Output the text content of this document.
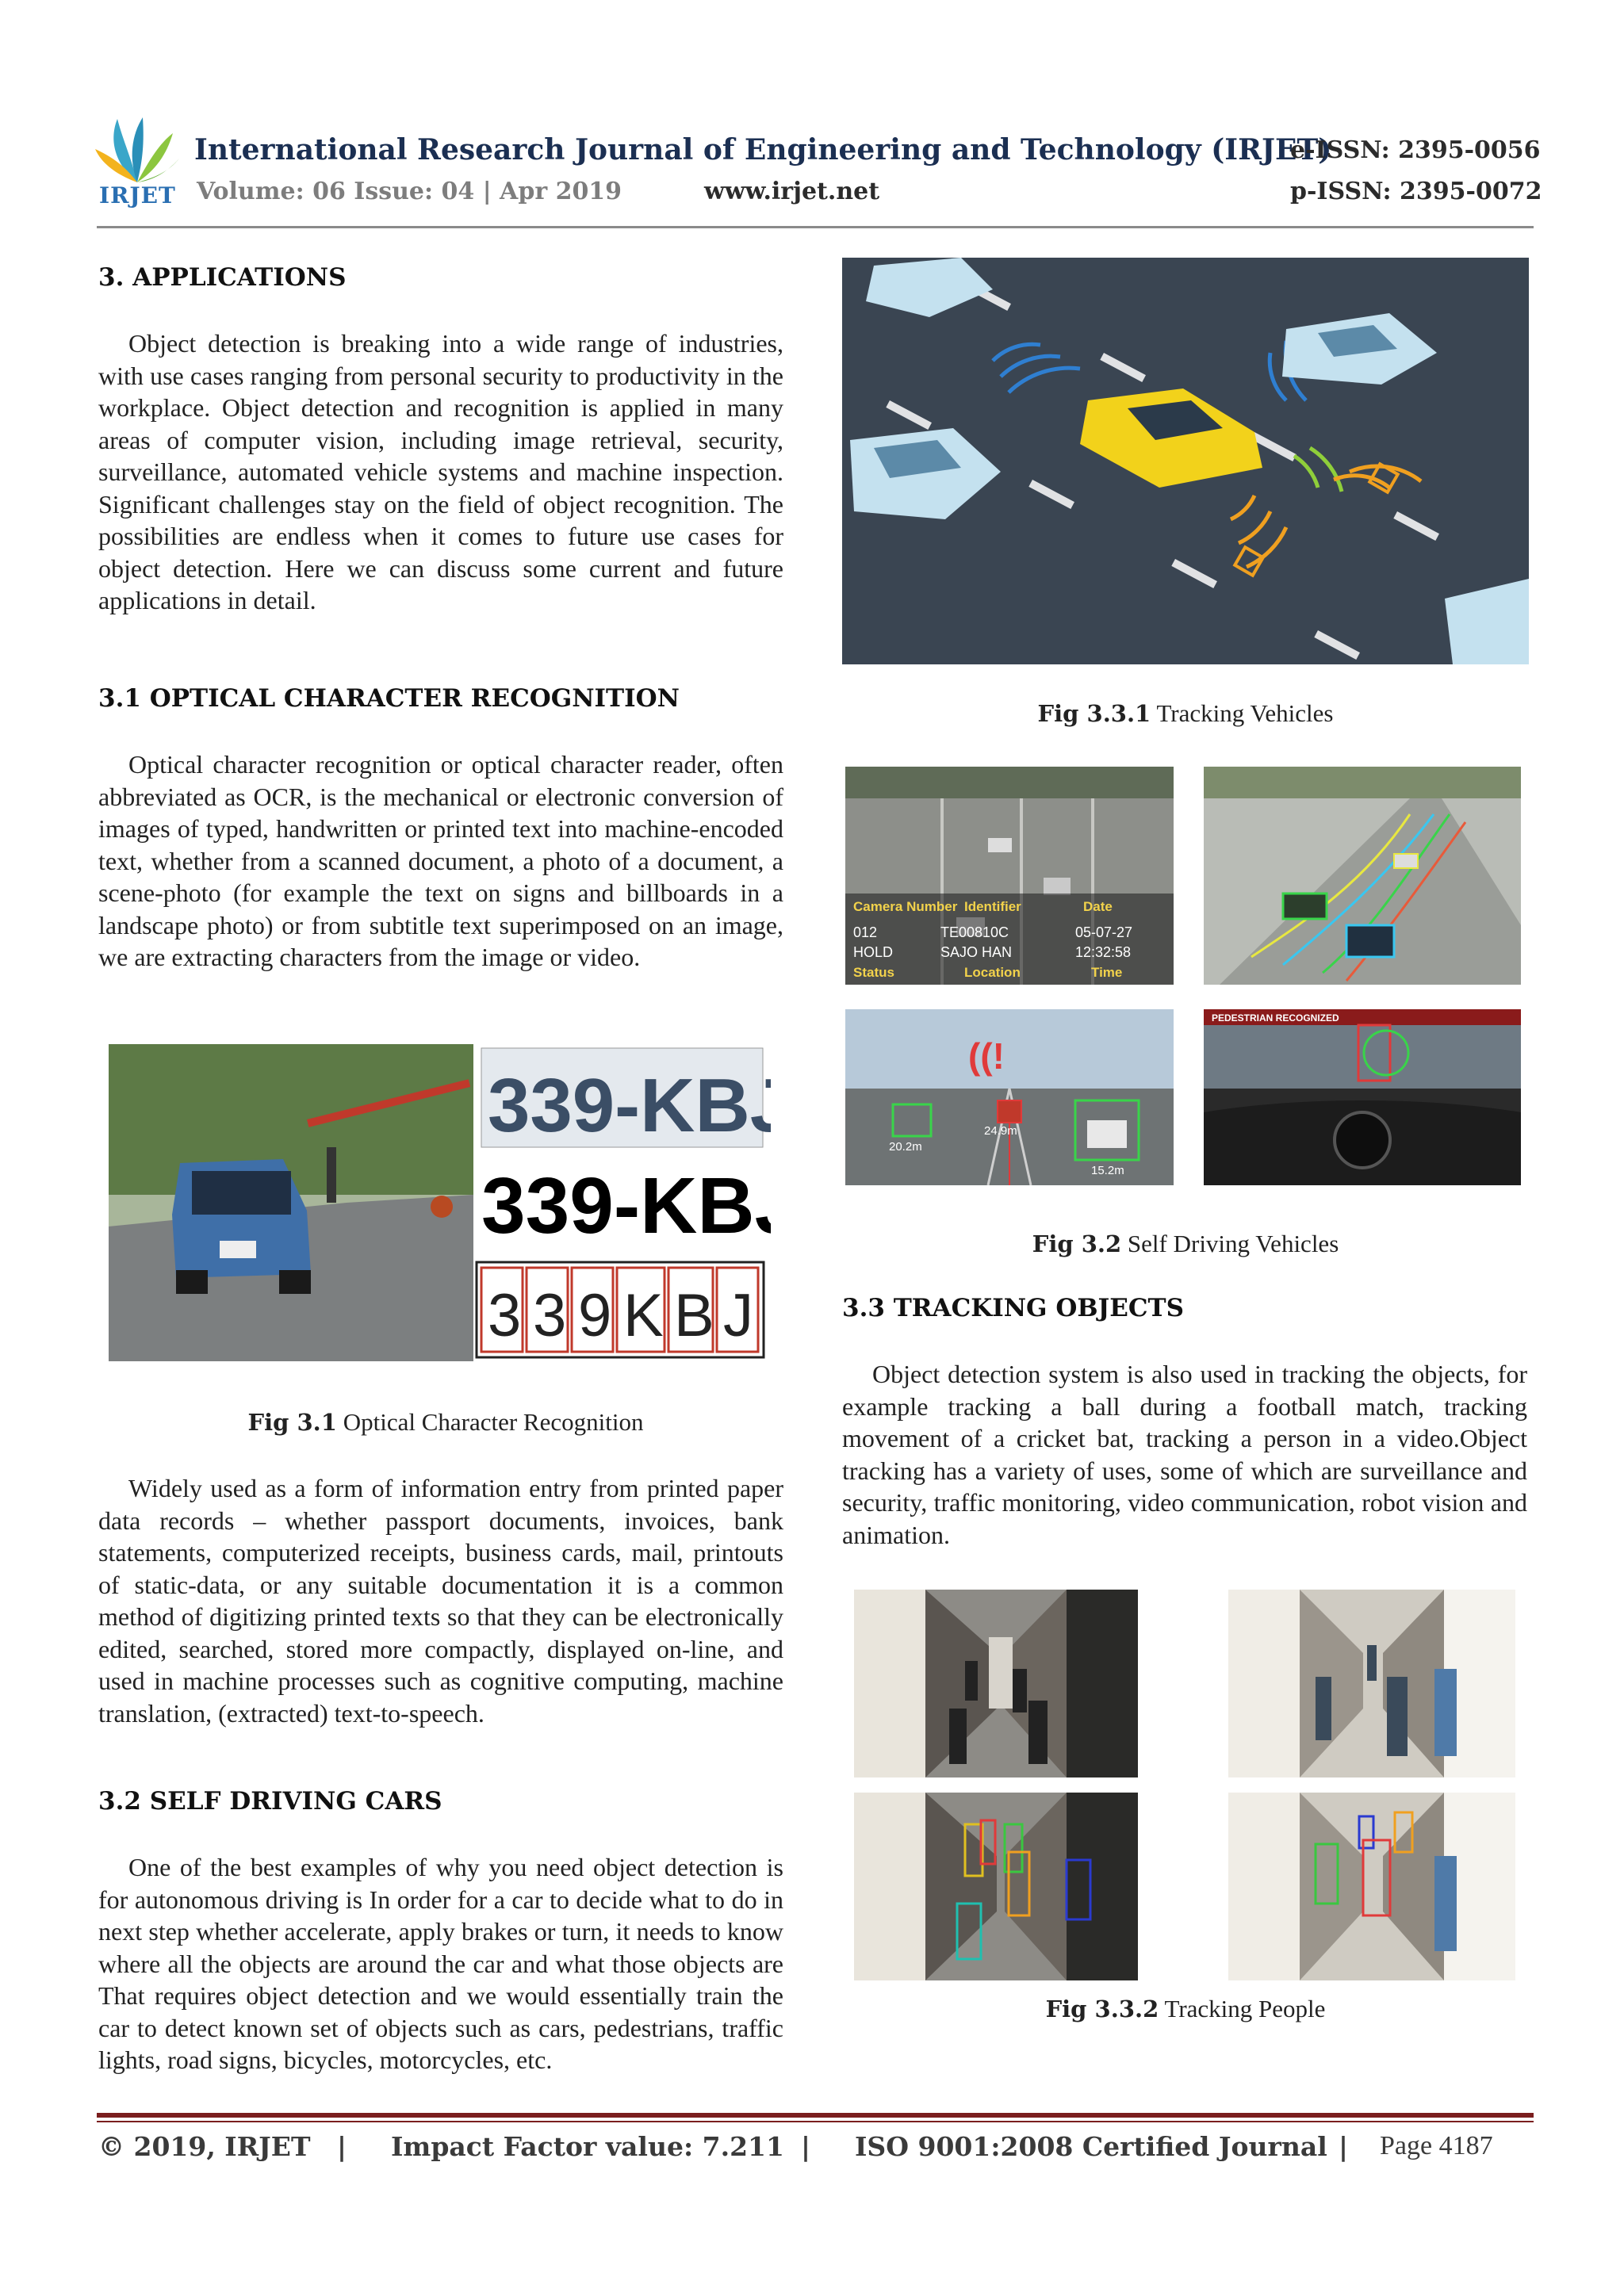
IRJET
International Research Journal of Engineering and Technology (IRJET)
e-ISSN: 2395-0056
Volume: 06 Issue: 04 | Apr 2019	www.irjet.net	p-ISSN: 2395-0072
3. APPLICATIONS
Object detection is breaking into a wide range of industries, with use cases ranging from personal security to productivity in the workplace. Object detection and recognition is applied in many areas of computer vision, including image retrieval, security, surveillance, automated vehicle systems and machine inspection. Significant challenges stay on the field of object recognition. The possibilities are endless when it comes to future use cases for object detection. Here we can discuss some current and future applications in detail.
3.1 OPTICAL CHARACTER RECOGNITION
Optical character recognition or optical character reader, often abbreviated as OCR, is the mechanical or electronic conversion of images of typed, handwritten or printed text into machine-encoded text, whether from a scanned document, a photo of a document, a scene-photo (for example the text on signs and billboards in a landscape photo) or from subtitle text superimposed on an image, we are extracting characters from the image or video.
339-KBJ
339-KBJ
3 3 9 K B J
Fig 3.1 Optical Character Recognition
Widely used as a form of information entry from printed paper data records – whether passport documents, invoices, bank statements, computerized receipts, business cards, mail, printouts of static-data, or any suitable documentation it is a common method of digitizing printed texts so that they can be electronically edited, searched, stored more compactly, displayed on-line, and used in machine processes such as cognitive computing, machine translation, (extracted) text-to-speech.
3.2 SELF DRIVING CARS
One of the best examples of why you need object detection is for autonomous driving is In order for a car to decide what to do in next step whether accelerate, apply brakes or turn, it needs to know where all the objects are around the car and what those objects are That requires object detection and we would essentially train the car to detect known set of objects such as cars, pedestrians, traffic lights, road signs, bicycles, motorcycles, etc.
Fig 3.3.1 Tracking Vehicles
Camera Number Identifier	Date
012	TE00810C	05-07-27
HOLD	SAJO HAN	12:32:58
Status	Location	Time
((!
20.2m
24.9m
15.2m
PEDESTRIAN RECOGNIZED
Fig 3.2 Self Driving Vehicles
3.3 TRACKING OBJECTS
Object detection system is also used in tracking the objects, for example tracking a ball during a football match, tracking movement of a cricket bat, tracking a person in a video.Object tracking has a variety of uses, some of which are surveillance and security, traffic monitoring, video communication, robot vision and animation.
Fig 3.3.2 Tracking People
© 2019, IRJET | Impact Factor value: 7.211 | ISO 9001:2008 Certified Journal | Page 4187
